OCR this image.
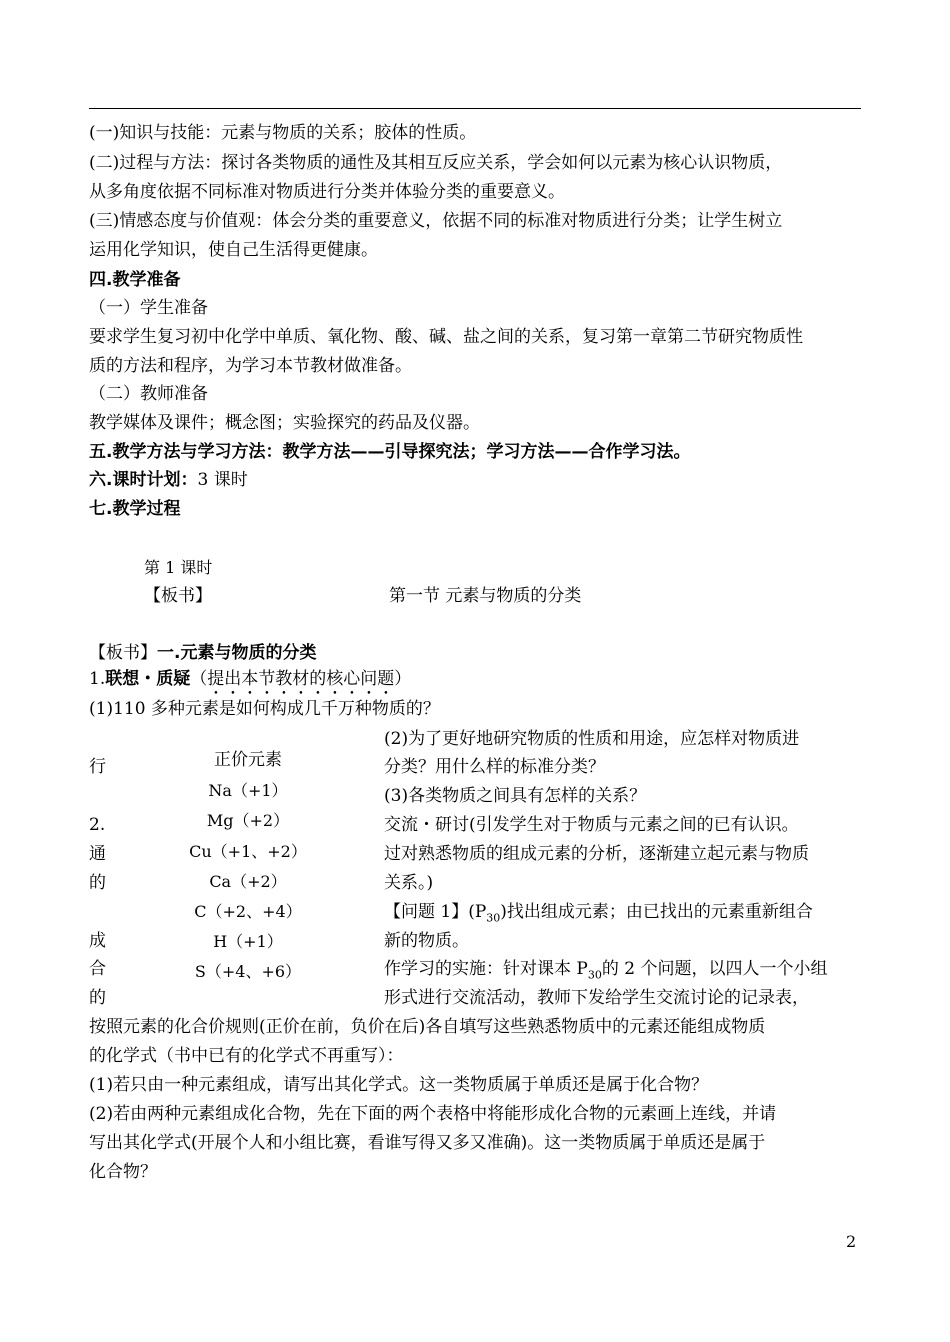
(一)知识与技能：元素与物质的关系；胶体的性质。
(二)过程与方法：探讨各类物质的通性及其相互反应关系，学会如何以元素为核心认识物质，
从多角度依据不同标准对物质进行分类并体验分类的重要意义。
(三)情感态度与价值观：体会分类的重要意义，依据不同的标准对物质进行分类；让学生树立
运用化学知识，使自己生活得更健康。
四.教学准备
（一）学生准备
要求学生复习初中化学中单质、氧化物、酸、碱、盐之间的关系，复习第一章第二节研究物质性
质的方法和程序，为学习本节教材做准备。
（二）教师准备
教学媒体及课件；概念图；实验探究的药品及仪器。
五.教学方法与学习方法：教学方法——引导探究法；学习方法——合作学习法。
六.课时计划：3 课时
七.教学过程
第 1 课时
【板书】	第一节 元素与物质的分类
【板书】一.元素与物质的分类
1.联想・质疑（提出本节教材的核心问题）
(1)110 多种元素是如何构成几千万种物质的？
行
2.
通
的
成
合
的
正价元素
Na（+1）
Mg（+2）
Cu（+1、+2）
Ca（+2）
C（+2、+4）
H（+1）
S（+4、+6）
(2)为了更好地研究物质的性质和用途，应怎样对物质进
分类？用什么样的标准分类？
(3)各类物质之间具有怎样的关系？
交流・研讨(引发学生对于物质与元素之间的已有认识。
过对熟悉物质的组成元素的分析，逐渐建立起元素与物质
关系。)
【问题 1】$(P_{30})$找出组成元素；由已找出的元素重新组合
新的物质。
作学习的实施：针对课本 $P_{30}$的 2 个问题，以四人一个小组
形式进行交流活动，教师下发给学生交流讨论的记录表，
按照元素的化合价规则(正价在前，负价在后)各自填写这些熟悉物质中的元素还能组成物质
的化学式（书中已有的化学式不再重写）：
(1)若只由一种元素组成，请写出其化学式。这一类物质属于单质还是属于化合物？
(2)若由两种元素组成化合物，先在下面的两个表格中将能形成化合物的元素画上连线，并请
写出其化学式(开展个人和小组比赛，看谁写得又多又准确)。这一类物质属于单质还是属于
化合物？
2
